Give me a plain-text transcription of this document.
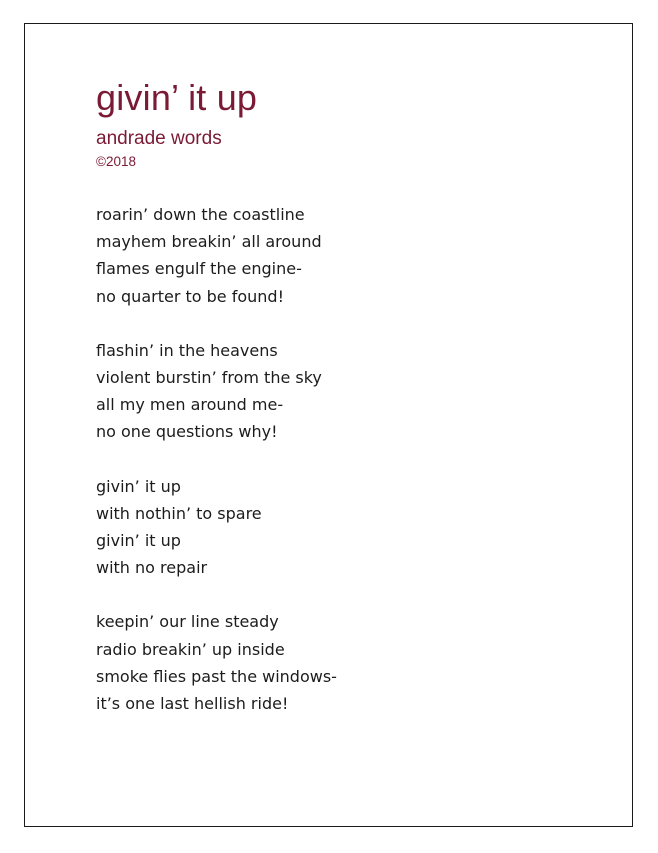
givin’ it up
andrade words
©2018
roarin’ down the coastline
mayhem breakin’ all around
flames engulf the engine-
no quarter to be found!
flashin’ in the heavens
violent burstin’ from the sky
all my men around me-
no one questions why!
givin’ it up
with nothin’ to spare
givin’ it up
with no repair
keepin’ our line steady
radio breakin’ up inside
smoke flies past the windows-
it’s one last hellish ride!
